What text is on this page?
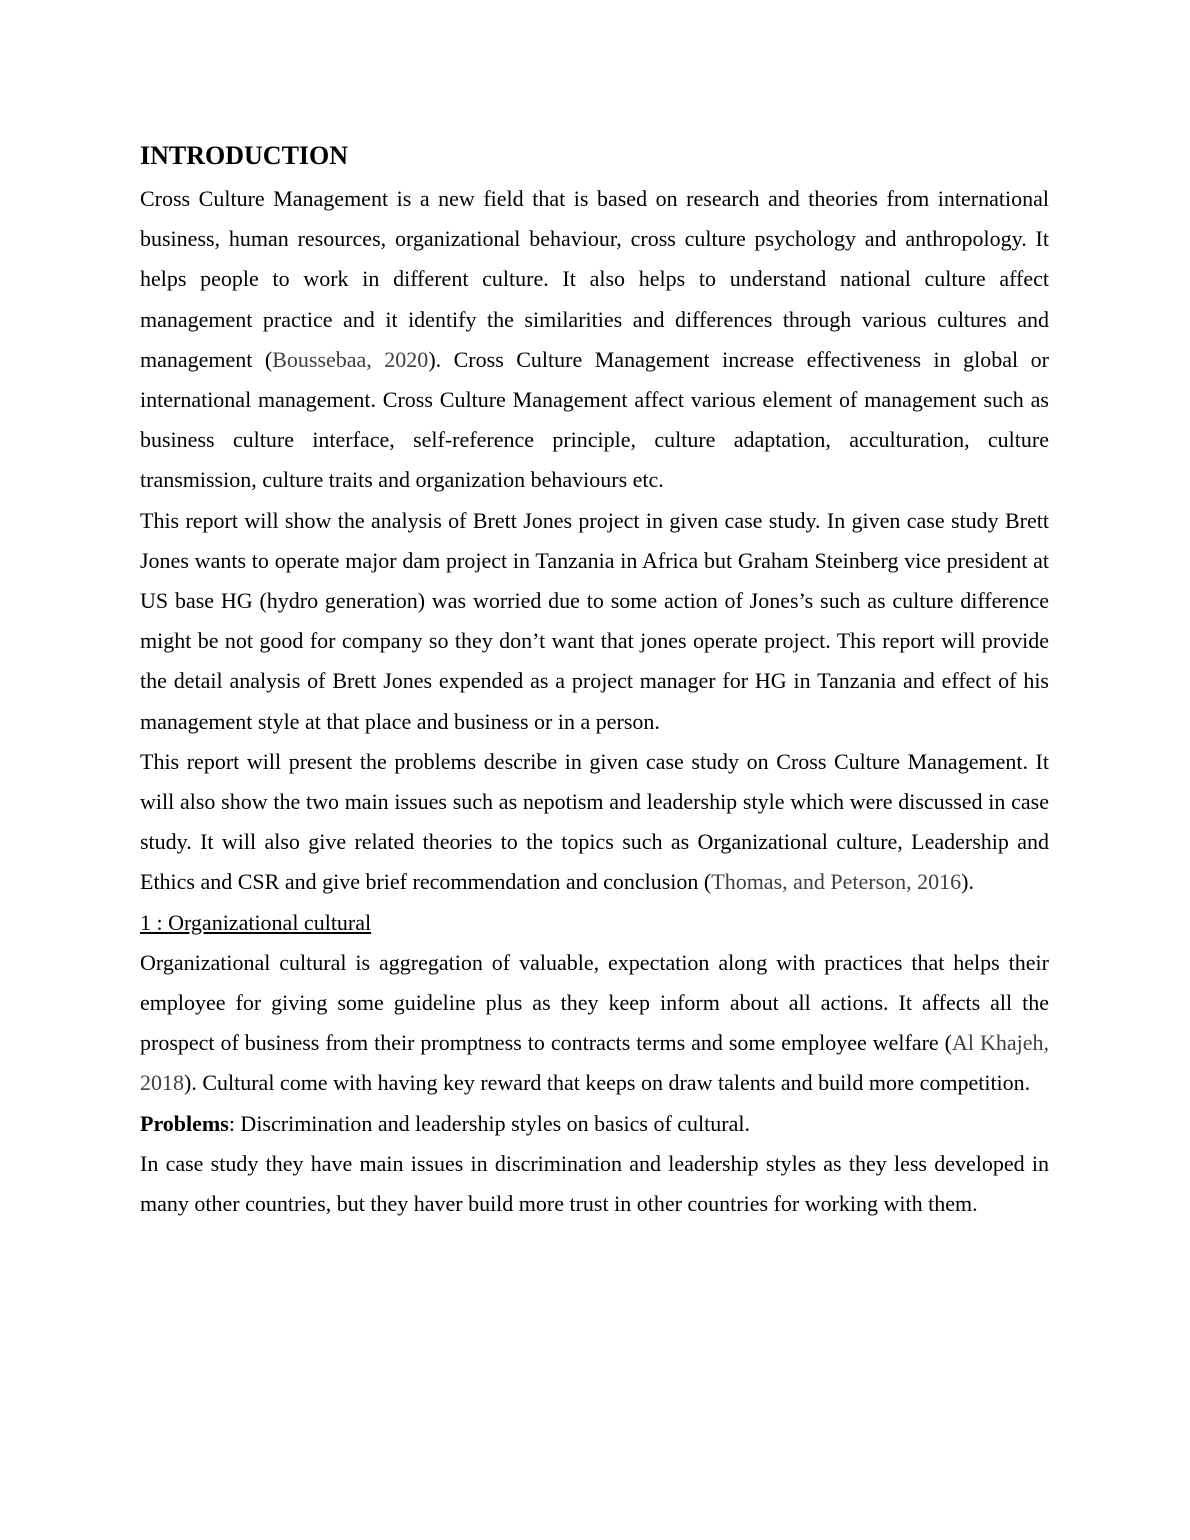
INTRODUCTION

Cross Culture Management is a new field that is based on research and theories from international business, human resources, organizational behaviour, cross culture psychology and anthropology. It helps people to work in different culture. It also helps to understand national culture affect management practice and it identify the similarities and differences through various cultures and management (Boussebaa, 2020). Cross Culture Management increase effectiveness in global or international management. Cross Culture Management affect various element of management such as business culture interface, self-reference principle, culture adaptation, acculturation, culture transmission, culture traits and organization behaviours etc.

This report will show the analysis of Brett Jones project in given case study. In given case study Brett Jones wants to operate major dam project in Tanzania in Africa but Graham Steinberg vice president at US base HG (hydro generation) was worried due to some action of Jones’s such as culture difference might be not good for company so they don’t want that jones operate project. This report will provide the detail analysis of Brett Jones expended as a project manager for HG in Tanzania and effect of his management style at that place and business or in a person.

This report will present the problems describe in given case study on Cross Culture Management. It will also show the two main issues such as nepotism and leadership style which were discussed in case study. It will also give related theories to the topics such as Organizational culture, Leadership and Ethics and CSR and give brief recommendation and conclusion (Thomas, and Peterson, 2016).

1 : Organizational cultural

Organizational cultural is aggregation of valuable, expectation along with practices that helps their employee for giving some guideline plus as they keep inform about all actions. It affects all the prospect of business from their promptness to contracts terms and some employee welfare (Al Khajeh, 2018). Cultural come with having key reward that keeps on draw talents and build more competition.

Problems: Discrimination and leadership styles on basics of cultural.

In case study they have main issues in discrimination and leadership styles as they less developed in many other countries, but they haver build more trust in other countries for working with them.
